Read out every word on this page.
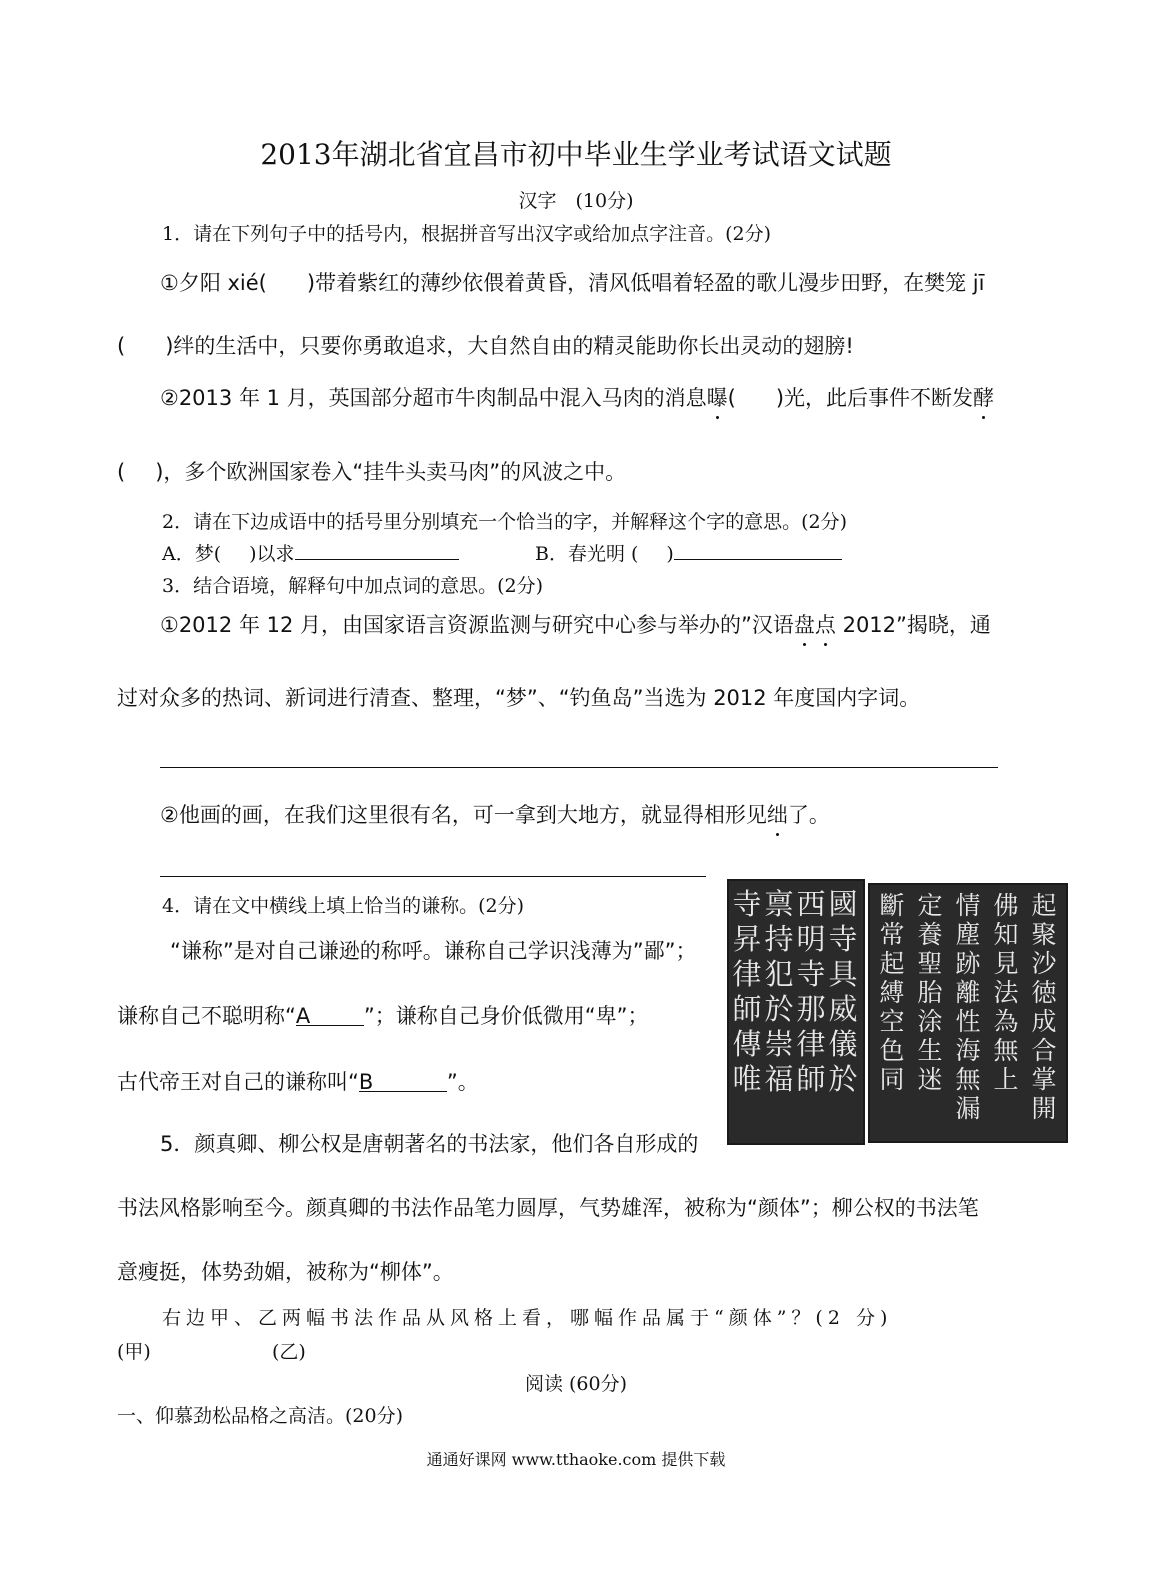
2013年湖北省宜昌市初中毕业生学业考试语文试题
汉字　(10分)
1．请在下列句子中的括号内，根据拼音写出汉字或给加点字注音。(2分)
①夕阳 xié( )带着紫红的薄纱依偎着黄昏，清风低唱着轻盈的歌儿漫步田野，在樊笼 jī
( )绊的生活中，只要你勇敢追求，大自然自由的精灵能助你长出灵动的翅膀!
②2013 年 1 月，英国部分超市牛肉制品中混入马肉的消息曝( )光，此后事件不断发酵
( )，多个欧洲国家卷入“挂牛头卖马肉”的风波之中。
2．请在下边成语中的括号里分别填充一个恰当的字，并解释这个字的意思。(2分)
A．梦( )以求	B．春光明 ( )
3．结合语境，解释句中加点词的意思。(2分)
①2012 年 12 月，由国家语言资源监测与研究中心参与举办的”汉语盘点 2012”揭晓，通
过对众多的热词、新词进行清查、整理，“梦”、“钓鱼岛”当选为 2012 年度国内字词。
②他画的画，在我们这里很有名，可一拿到大地方，就显得相形见绌了。
4．请在文中横线上填上恰当的谦称。(2分)
“谦称”是对自己谦逊的称呼。谦称自己学识浅薄为”鄙”；
谦称自己不聪明称“A	”；谦称自己身价低微用“卑”；
古代帝王对自己的谦称叫“B	”。
5．颜真卿、柳公权是唐朝著名的书法家，他们各自形成的
书法风格影响至今。颜真卿的书法作品笔力圆厚，气势雄浑，被称为“颜体”；柳公权的书法笔
意瘦挺，体势劲媚，被称为“柳体”。
右边甲、乙两幅书法作品从风格上看，哪幅作品属于“颜体”？(2 分)
(甲)	(乙)
國
寺
具
威
儀
於
西
明
寺
那
律
師
禀
持
犯
於
崇
福
寺
昇
律
師
傳
唯
起
聚
沙
徳
成
合
掌
開
佛
知
見
法
為
無
上
情
塵
跡
離
性
海
無
漏
定
養
聖
胎
涂
生
迷
斷
常
起
縛
空
色
同
阅读 (60分)
一、仰慕劲松品格之高洁。(20分)
通通好课网 www.tthaoke.com 提供下载
